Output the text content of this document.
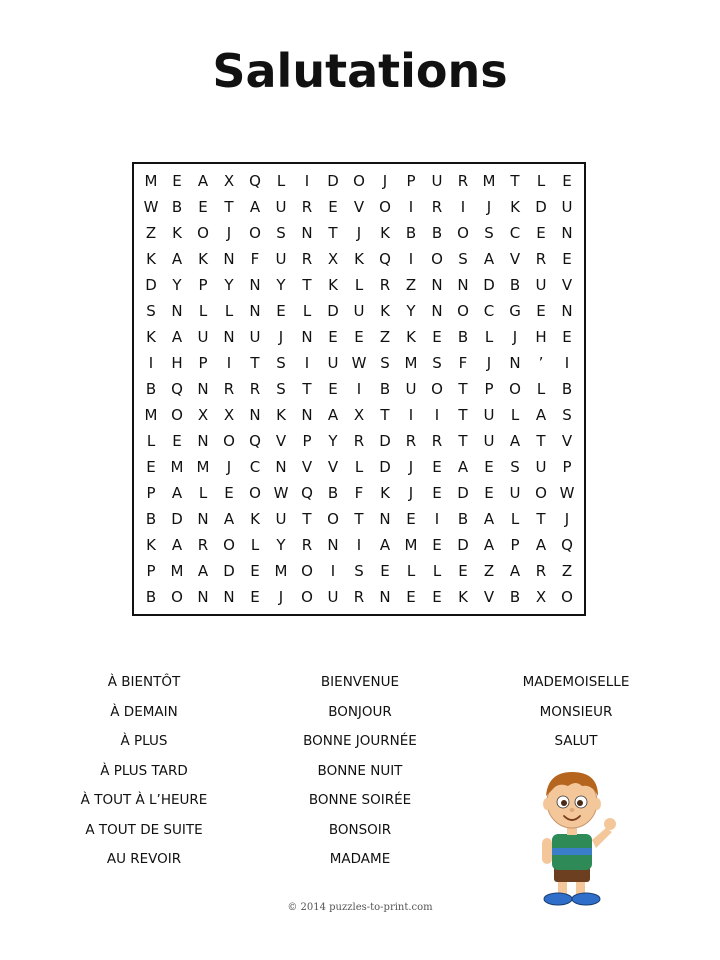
Salutations
M E	A	X Q	L	I	D O	J	P	U	R M T	L	E
W B	E	T	A	U	R	E	V O	I	R	I	J	K	D U
Z	K	O	J	O	S	N	T	J	K	B	B O	S	C	E	N
K	A	K	N	F	U	R	X	K	Q	I	O	S	A	V	R	E
D	Y	P	Y	N	Y	T	K	L	R	Z	N N D	B	U	V
S	N	L	L	N	E	L	D U	K	Y	N O C G	E	N
K	A	U N U	J	N	E	E	Z	K	E	B	L	J	H	E
I	H	P	I	T	S	I	U W S M S	F	J	N	’	I
B Q N	R	R	S	T	E	I	B	U O	T	P	O	L	B
M O X	X	N	K	N	A	X	T	I	I	T	U	L	A	S
L	E	N O Q V	P	Y	R	D	R	R	T	U	A	T	V
E M M	J	C	N	V	V	L	D	J	E	A	E	S	U	P
P	A	L	E	O W Q B	F	K	J	E	D	E	U O W
B	D N	A	K	U	T	O	T	N	E	I	B	A	L	T	J
K	A	R O	L	Y	R	N	I	A M E	D	A	P	A Q
P	M A	D	E M O	I	S	E	L	L	E	Z	A	R	Z
B O N N	E	J	O U	R	N	E	E	K	V	B	X O
À BIENTÔT
À DEMAIN
À PLUS
À PLUS TARD
À TOUT À L’HEURE
A TOUT DE SUITE
AU REVOIR
BIENVENUE
BONJOUR
BONNE JOURNÉE
BONNE NUIT
BONNE SOIRÉE
BONSOIR
MADAME
MADEMOISELLE
MONSIEUR
SALUT
© 2014 puzzles-to-print.com
